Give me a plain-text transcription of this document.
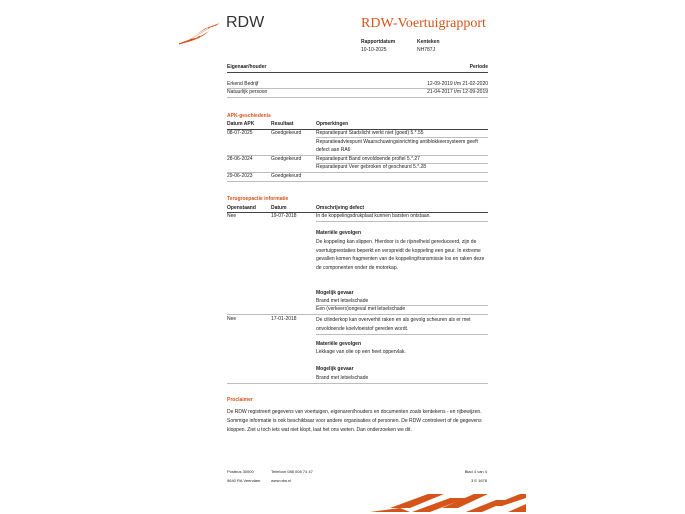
RDW	RDW-Voertuigrapport
Rapportdatum
10-10-2025
Kenteken
NH787J
Eigenaar/houder	Periode
Erkend Bedrijf	12-09-2019 t/m 21-02-2020
Natuurlijk persoon	21-04-2017 t/m 12-09-2019
APK-geschiedenis
Datum APK	Resultaat	Opmerkingen
08-07-2025	Goedgekeurd	Reparatiepunt Stadslicht werkt niet (goed) 5.*.55
Reparatieadviespunt Waarschuwingsinrichting antiblokkeersysteem geeft defect aan RA6
28-06-2024	Goedgekeurd	Reparatiepunt Band onvoldoende profiel 5.*.27
Reparatiepunt Veer gebroken of gescheurd 5.*.28
29-06-2023	Goedgekeurd
Terugroepactie informatie
Openstaand	Datum	Omschrijving defect
Nee	19-07-2018	In de koppelingsdrukplaat kunnen barsten ontstaan.
Materiële gevolgen
De koppeling kan slippen. Hierdoor is de rijsnelheid gereduceerd, zijn de voertuigprestaties beperkt en verspreidt de koppeling een geur. In extreme gevallen komen fragmenten van de koppeling/transmissie los en raken deze de componenten onder de motorkap.
Mogelijk gevaar
Brand met letselschade
Een (verkeers)ongeval met letselschade
Nee	17-01-2018	De cilinderkop kan oververhit raken en als gevolg scheuren als er met onvoldoende koelvloeistof gereden wordt.
Materiële gevolgen
Lekkage van olie op een heet oppervlak.
Mogelijk gevaar
Brand met letselschade
Proclaimer
De RDW registreert gegevens van voertuigen, eigenaren/houders en documenten zoals kentekens - en rijbewijzen. Sommige informatie is ook beschikbaar voor andere organisaties of personen. De RDW controleert of de gegevens kloppen. Ziet u toch iets wat niet klopt, laat het ons weten. Dan onderzoeken we dit.
Postbus 30000
9640 RA Veendam
Telefoon 088 008 74 47
www.rdw.nl
Blad 4 van 4
3 E 1678
